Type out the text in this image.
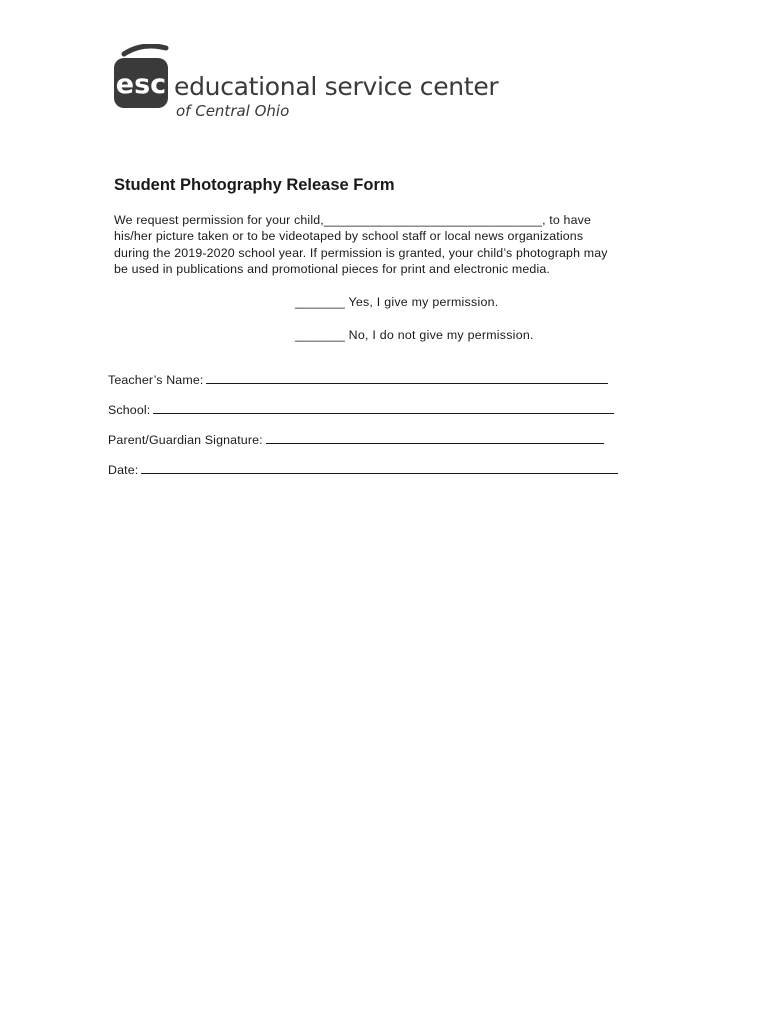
esc educational service center
of Central Ohio
Student Photography Release Form

We request permission for your child,_______________________________, to have
his/her picture taken or to be videotaped by school staff or local news organizations
during the 2019-2020 school year. If permission is granted, your child’s photograph may
be used in publications and promotional pieces for print and electronic media.

_______ Yes, I give my permission.
_______ No, I do not give my permission.
Teacher’s Name:
School:
Parent/Guardian Signature:
Date:
